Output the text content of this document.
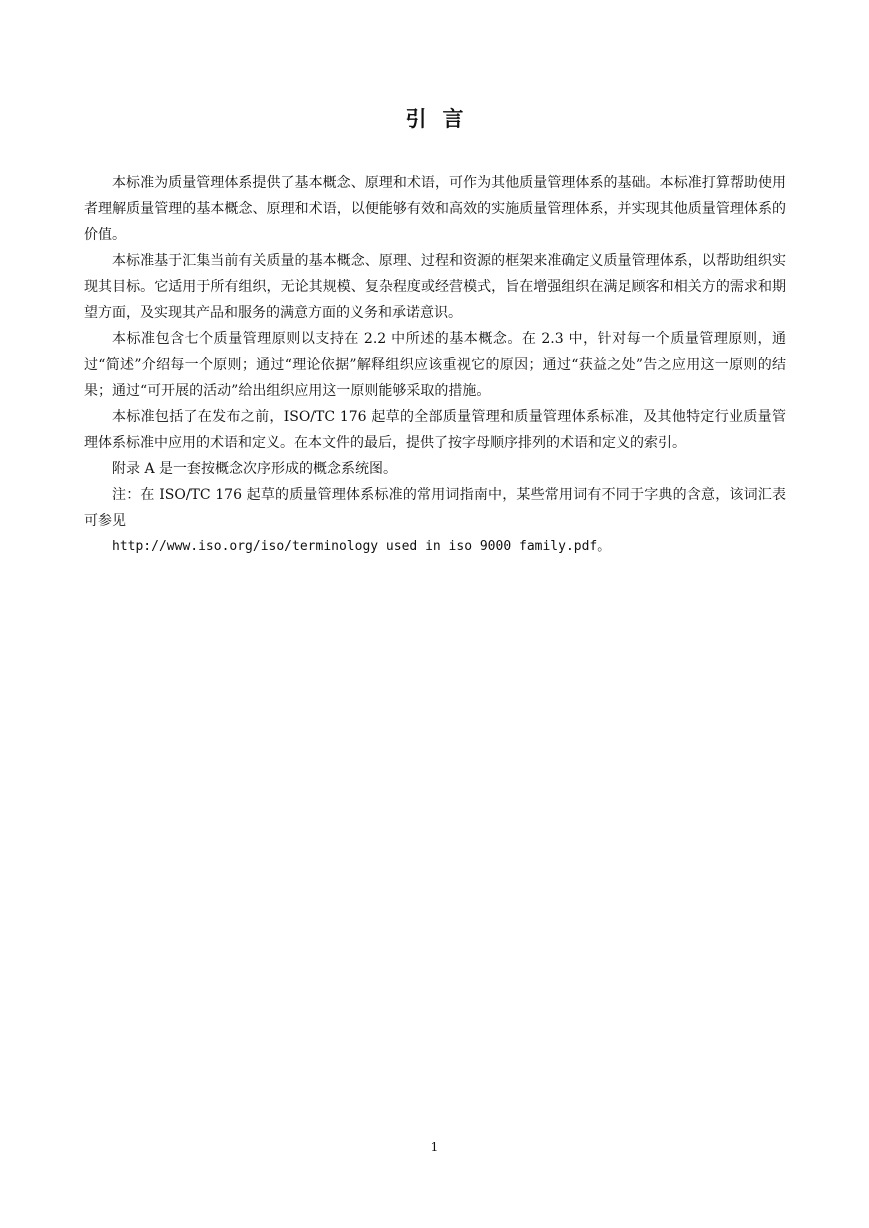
引言

本标准为质量管理体系提供了基本概念、原理和术语，可作为其他质量管理体系的基础。本标准打算帮助使用者理解质量管理的基本概念、原理和术语，以便能够有效和高效的实施质量管理体系，并实现其他质量管理体系的价值。

本标准基于汇集当前有关质量的基本概念、原理、过程和资源的框架来准确定义质量管理体系，以帮助组织实现其目标。它适用于所有组织，无论其规模、复杂程度或经营模式，旨在增强组织在满足顾客和相关方的需求和期望方面，及实现其产品和服务的满意方面的义务和承诺意识。

本标准包含七个质量管理原则以支持在 2.2 中所述的基本概念。在 2.3 中，针对每一个质量管理原则，通过“简述”介绍每一个原则；通过“理论依据”解释组织应该重视它的原因；通过“获益之处”告之应用这一原则的结果；通过“可开展的活动”给出组织应用这一原则能够采取的措施。

本标准包括了在发布之前，ISO/TC 176 起草的全部质量管理和质量管理体系标准，及其他特定行业质量管理体系标准中应用的术语和定义。在本文件的最后，提供了按字母顺序排列的术语和定义的索引。

附录 A 是一套按概念次序形成的概念系统图。

注：在 ISO/TC 176 起草的质量管理体系标准的常用词指南中，某些常用词有不同于字典的含意，该词汇表可参见

http://www.iso.org/iso/terminology used in iso 9000 family.pdf。

1
